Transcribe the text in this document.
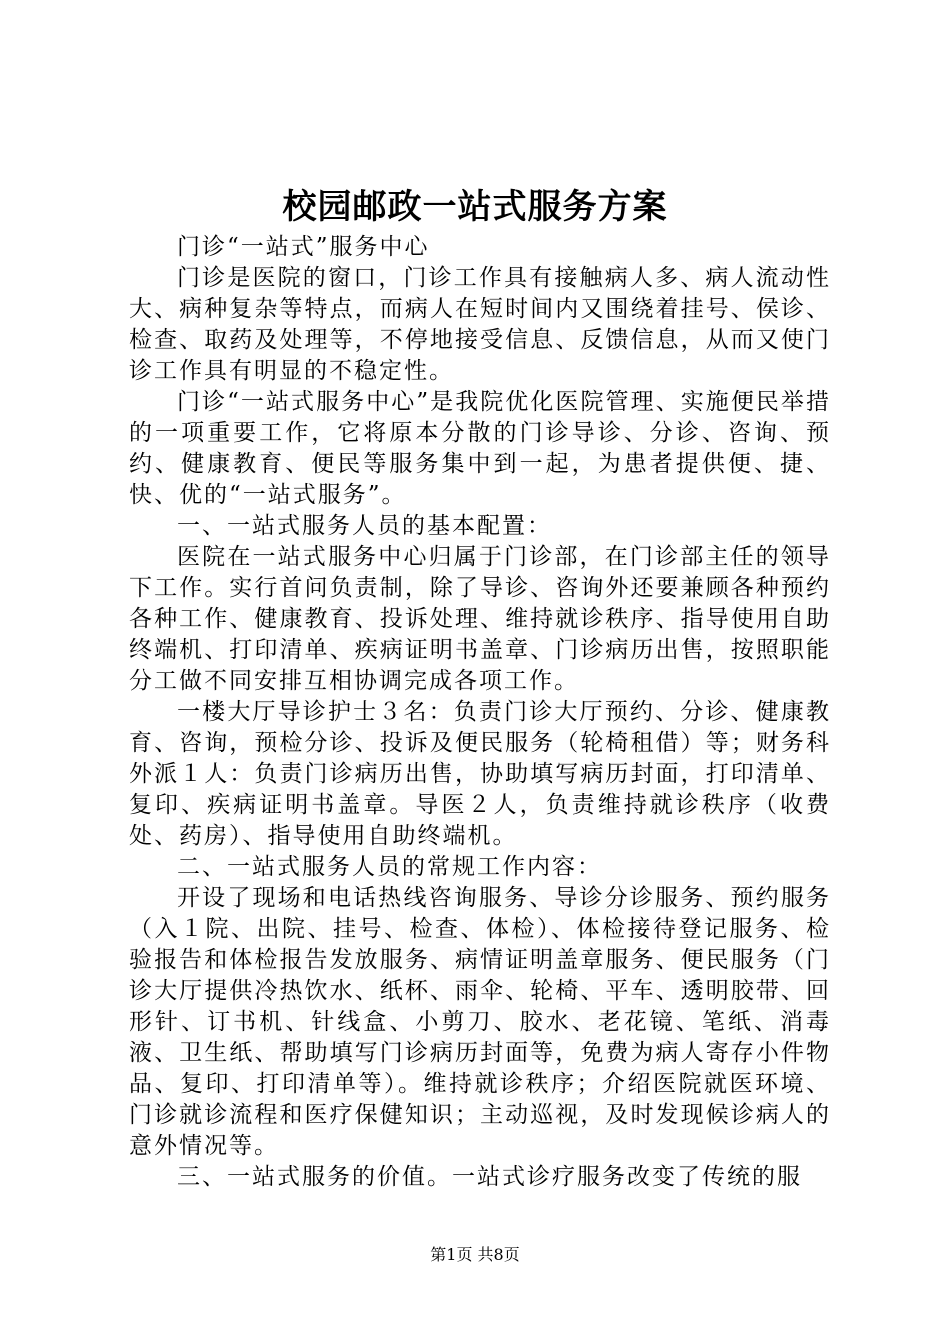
校园邮政一站式服务方案

门诊“一站式”服务中心

门诊是医院的窗口，门诊工作具有接触病人多、病人流动性大、病种复杂等特点，而病人在短时间内又围绕着挂号、侯诊、检查、取药及处理等，不停地接受信息、反馈信息，从而又使门诊工作具有明显的不稳定性。

门诊“一站式服务中心”是我院优化医院管理、实施便民举措的一项重要工作，它将原本分散的门诊导诊、分诊、咨询、预约、健康教育、便民等服务集中到一起，为患者提供便、捷、快、优的“一站式服务”。

一、一站式服务人员的基本配置：

医院在一站式服务中心归属于门诊部，在门诊部主任的领导下工作。实行首问负责制，除了导诊、咨询外还要兼顾各种预约各种工作、健康教育、投诉处理、维持就诊秩序、指导使用自助终端机、打印清单、疾病证明书盖章、门诊病历出售，按照职能分工做不同安排互相协调完成各项工作。

一楼大厅导诊护士３名：负责门诊大厅预约、分诊、健康教育、咨询，预检分诊、投诉及便民服务（轮椅租借）等；财务科外派１人：负责门诊病历出售，协助填写病历封面，打印清单、复印、疾病证明书盖章。导医２人，负责维持就诊秩序（收费处、药房）、指导使用自助终端机。

二、一站式服务人员的常规工作内容：

开设了现场和电话热线咨询服务、导诊分诊服务、预约服务（入１院、出院、挂号、检查、体检）、体检接待登记服务、检验报告和体检报告发放服务、病情证明盖章服务、便民服务（门诊大厅提供冷热饮水、纸杯、雨伞、轮椅、平车、透明胶带、回形针、订书机、针线盒、小剪刀、胶水、老花镜、笔纸、消毒液、卫生纸、帮助填写门诊病历封面等，免费为病人寄存小件物品、复印、打印清单等）。维持就诊秩序；介绍医院就医环境、门诊就诊流程和医疗保健知识；主动巡视，及时发现候诊病人的意外情况等。

三、一站式服务的价值。一站式诊疗服务改变了传统的服

第1页 共8页
